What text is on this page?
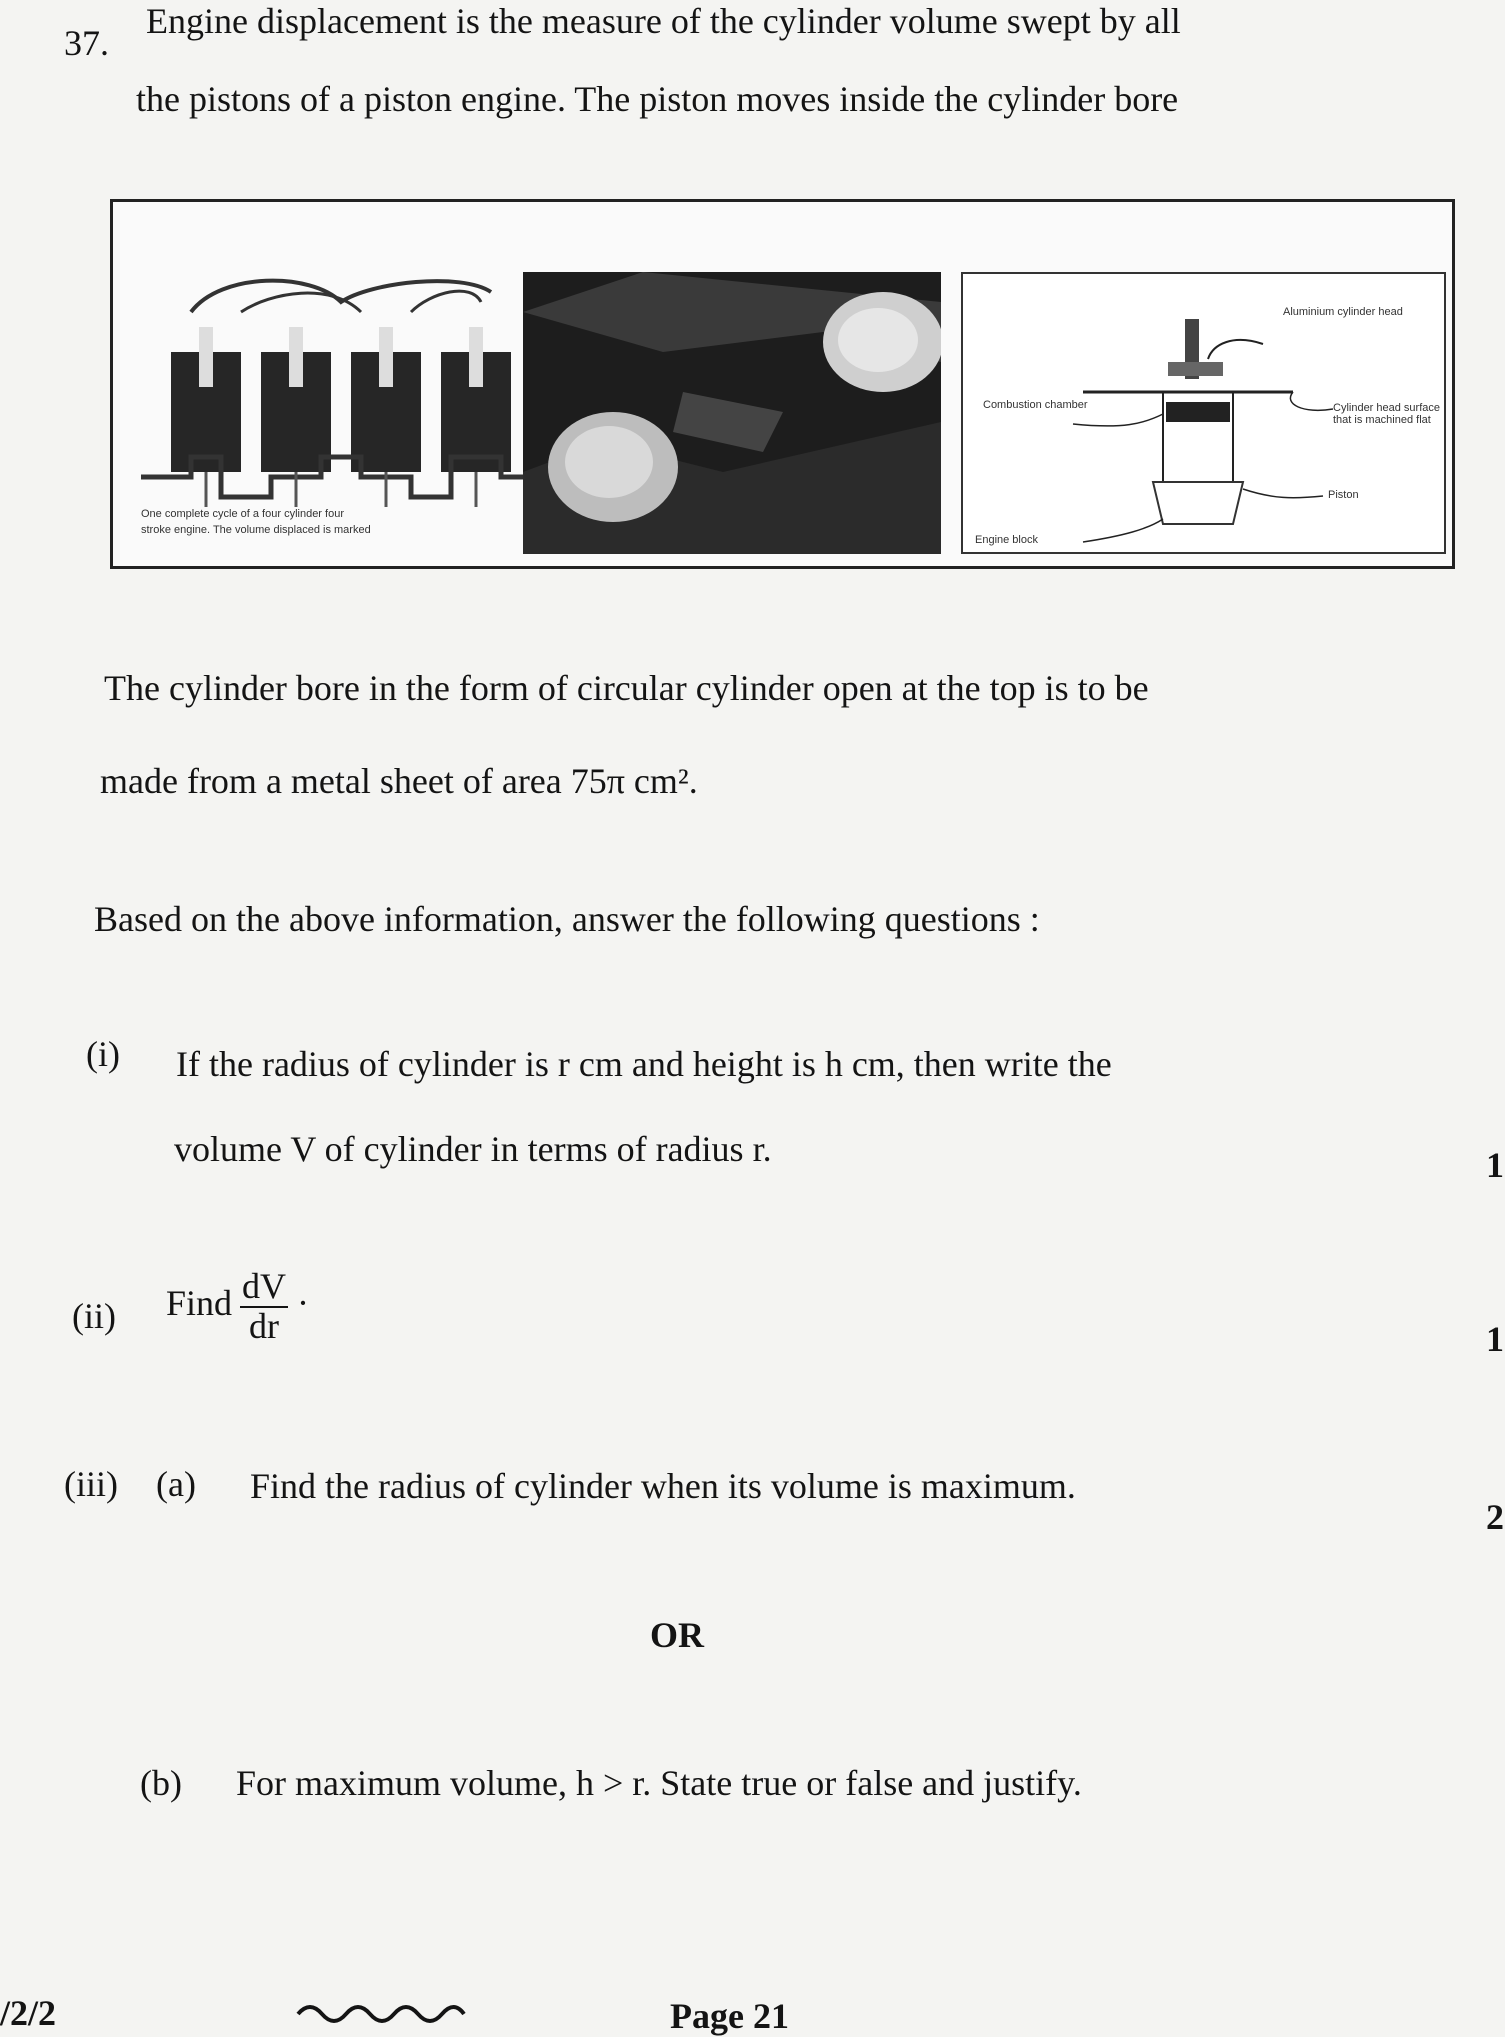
37.
Engine displacement is the measure of the cylinder volume swept by all
the pistons of a piston engine. The piston moves inside the cylinder bore
One complete cycle of a four cylinder four
stroke engine. The volume displaced is marked
Aluminium cylinder head
Combustion chamber	Cylinder head surface that is machined flat
Piston
Engine block
The cylinder bore in the form of circular cylinder open at the top is to be
made from a metal sheet of area 75π cm².
Based on the above information, answer the following questions :
(i) If the radius of cylinder is r cm and height is h cm, then write the
volume V of cylinder in terms of radius r.	1
(ii) Find $\frac{dV}{dr}$ ·
1
(iii) (a) Find the radius of cylinder when its volume is maximum.
2
OR
(b) For maximum volume, h > r. State true or false and justify.
/2/2	Page 21
